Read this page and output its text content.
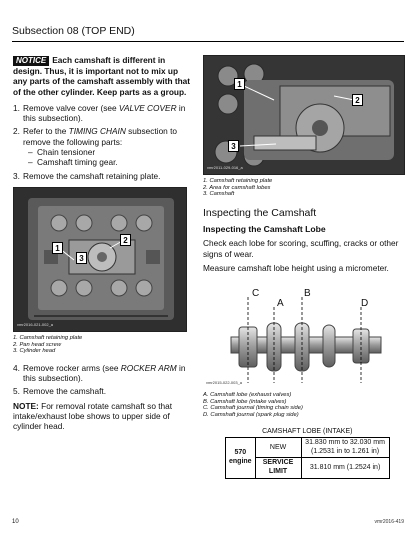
Subsection 08 (TOP END)

NOTICE Each camshaft is different in design. Thus, it is important not to mix up any parts of the camshaft assembly with that of the other cylinder. Keep parts as a group.

1. Remove valve cover (see VALVE COVER in this subsection).
2. Refer to the TIMING CHAIN subsection to remove the following parts:
– Chain tensioner
– Camshaft timing gear.
3. Remove the camshaft retaining plate.
1
2
3
vmr2016-021-002_a
1. Camshaft retaining plate
2. Pan head screw
3. Cylinder head
4. Remove rocker arms (see ROCKER ARM in this subsection).
5. Remove the camshaft.

NOTE: For removal rotate camshaft so that intake/exhaust lobe shows to upper side of cylinder head.

1
2
3
vmr2011-029-016_a
1. Camshaft retaining plate
2. Area for camshaft lobes
3. Camshaft
Inspecting the Camshaft
Inspecting the Camshaft Lobe

Check each lobe for scoring, scuffing, cracks or other signs of wear.

Measure camshaft lobe height using a micrometer.

C
A
B
D
vmr2015-022-003_a
A. Camshaft lobe (exhaust valves)
B. Camshaft lobe (intake valves)
C. Camshaft journal (timing chain side)
D. Camshaft journal (spark plug side)
CAMSHAFT LOBE (INTAKE)		
570 engine	NEW	31.830 mm to 32.030 mm (1.2531 in to 1.261 in)
	SERVICE LIMIT	31.810 mm (1.2524 in)
10	vmr2016-419
